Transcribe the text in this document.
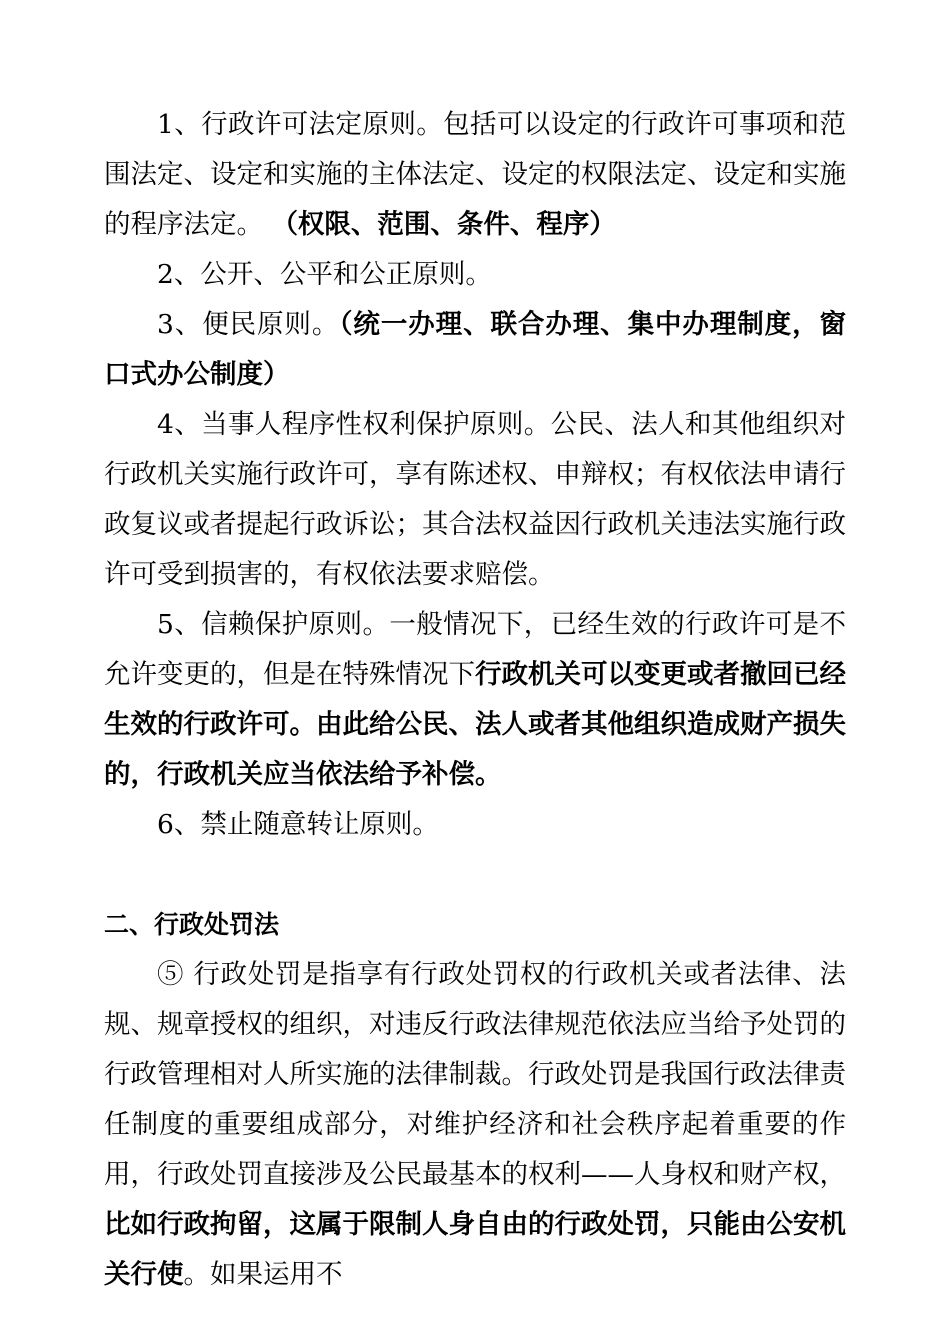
1、行政许可法定原则。包括可以设定的行政许可事项和范围法定、设定和实施的主体法定、设定的权限法定、设定和实施的程序法定。 （权限、范围、条件、程序）

2、公开、公平和公正原则。

3、便民原则。（统一办理、联合办理、集中办理制度，窗口式办公制度）

4、当事人程序性权利保护原则。公民、法人和其他组织对行政机关实施行政许可，享有陈述权、申辩权；有权依法申请行政复议或者提起行政诉讼；其合法权益因行政机关违法实施行政许可受到损害的，有权依法要求赔偿。

5、信赖保护原则。一般情况下，已经生效的行政许可是不允许变更的，但是在特殊情况下行政机关可以变更或者撤回已经生效的行政许可。由此给公民、法人或者其他组织造成财产损失的，行政机关应当依法给予补偿。

6、禁止随意转让原则。

二、行政处罚法

⑤ 行政处罚是指享有行政处罚权的行政机关或者法律、法规、规章授权的组织，对违反行政法律规范依法应当给予处罚的行政管理相对人所实施的法律制裁。行政处罚是我国行政法律责任制度的重要组成部分，对维护经济和社会秩序起着重要的作用，行政处罚直接涉及公民最基本的权利——人身权和财产权，比如行政拘留，这属于限制人身自由的行政处罚，只能由公安机关行使。如果运用不
